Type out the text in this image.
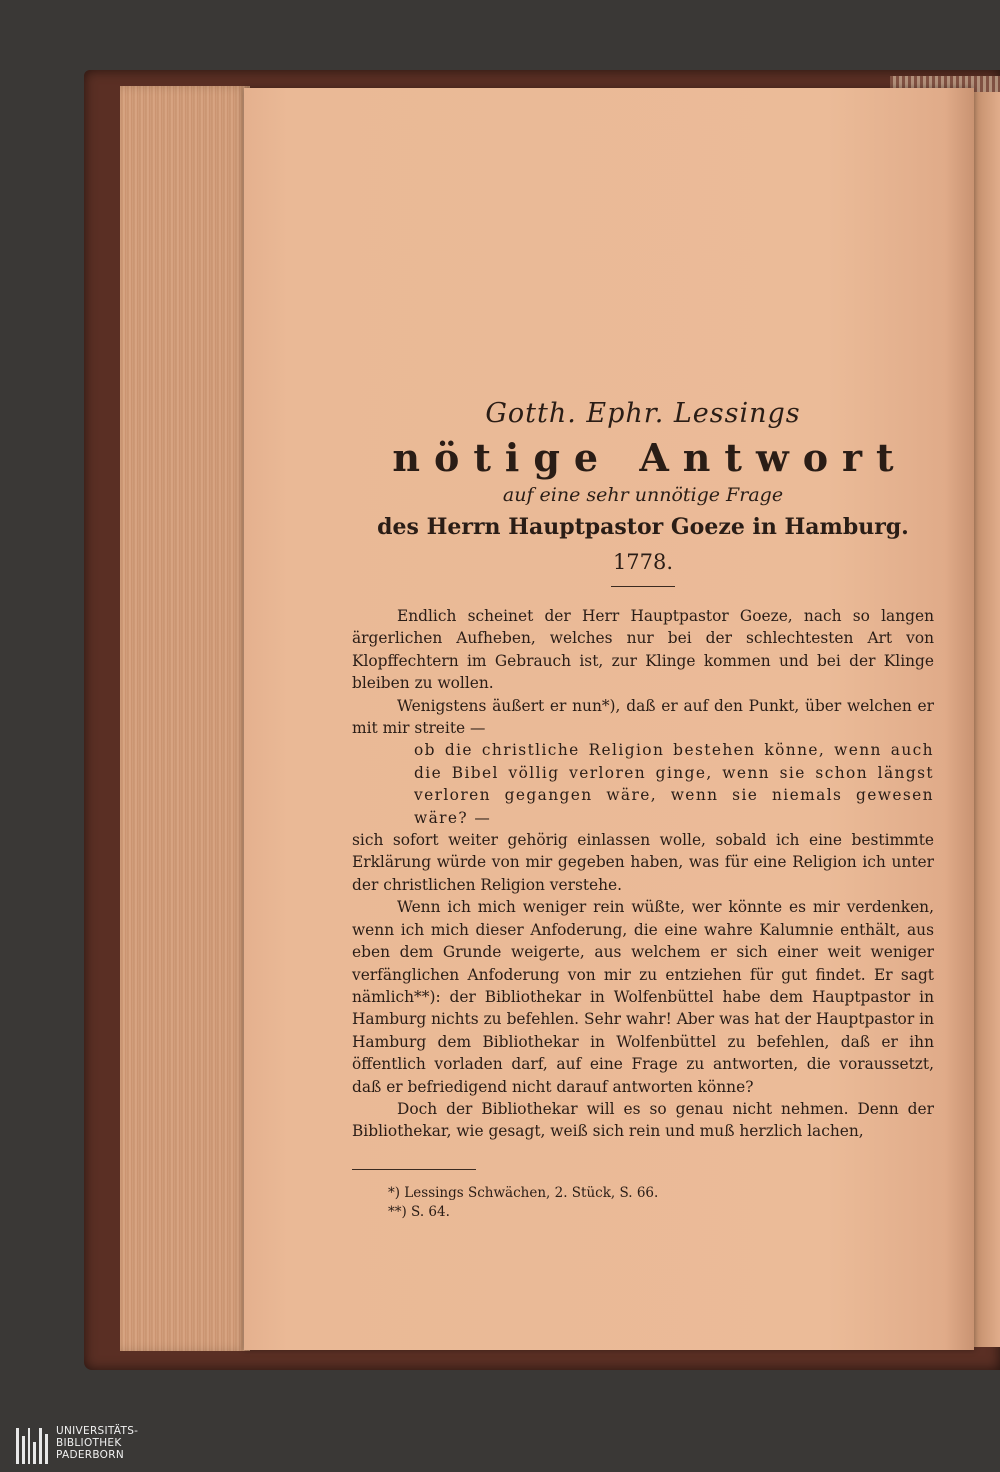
Gotth. Ephr. Lessings
nötige Antwort
auf eine sehr unnötige Frage
des Herrn Hauptpastor Goeze in Hamburg.
1778.

Endlich scheinet der Herr Hauptpastor Goeze, nach so langen ärgerlichen Aufheben, welches nur bei der schlechtesten Art von Klopffechtern im Gebrauch ist, zur Klinge kommen und bei der Klinge bleiben zu wollen.

Wenigstens äußert er nun*), daß er auf den Punkt, über welchen er mit mir streite —

ob die christliche Religion bestehen könne, wenn auch die Bibel völlig verloren ginge, wenn sie schon längst verloren gegangen wäre, wenn sie niemals gewesen wäre? —

sich sofort weiter gehörig einlassen wolle, sobald ich eine bestimmte Erklärung würde von mir gegeben haben, was für eine Religion ich unter der christlichen Religion verstehe.

Wenn ich mich weniger rein wüßte, wer könnte es mir verdenken, wenn ich mich dieser Anfoderung, die eine wahre Kalumnie enthält, aus eben dem Grunde weigerte, aus welchem er sich einer weit weniger verfänglichen Anfoderung von mir zu entziehen für gut findet. Er sagt nämlich**): der Bibliothekar in Wolfenbüttel habe dem Hauptpastor in Hamburg nichts zu befehlen. Sehr wahr! Aber was hat der Hauptpastor in Hamburg dem Bibliothekar in Wolfenbüttel zu befehlen, daß er ihn öffentlich vorladen darf, auf eine Frage zu antworten, die voraussetzt, daß er befriedigend nicht darauf antworten könne?

Doch der Bibliothekar will es so genau nicht nehmen. Denn der Bibliothekar, wie gesagt, weiß sich rein und muß herzlich lachen,

*) Lessings Schwächen, 2. Stück, S. 66.

**) S. 64.

UNIVERSITÄTS-
BIBLIOTHEK
PADERBORN
